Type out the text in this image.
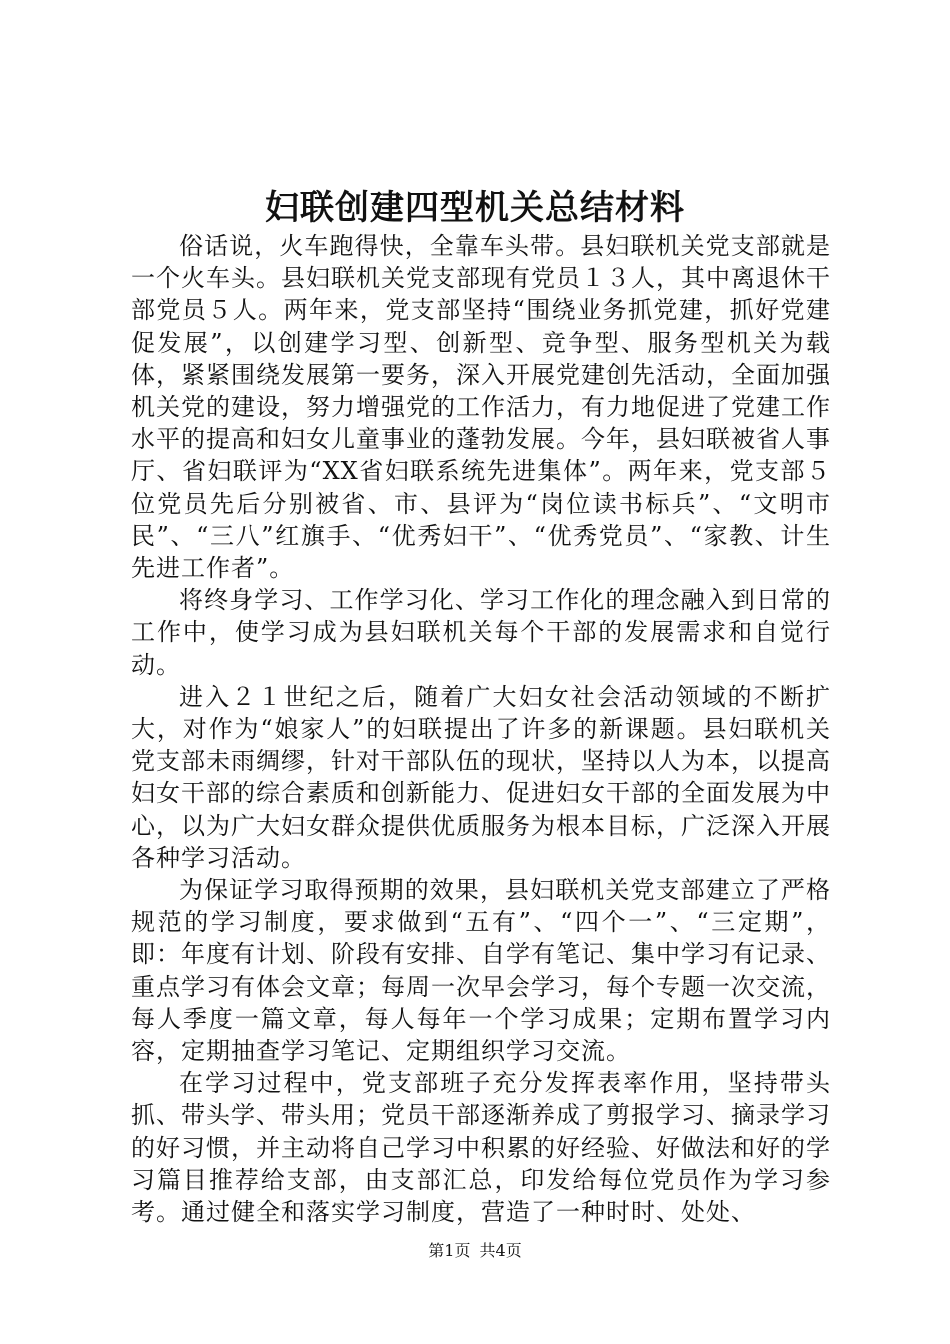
妇联创建四型机关总结材料

俗话说，火车跑得快，全靠车头带。县妇联机关党支部就是一个火车头。县妇联机关党支部现有党员１３人，其中离退休干部党员５人。两年来，党支部坚持“围绕业务抓党建，抓好党建促发展”，以创建学习型、创新型、竞争型、服务型机关为载体，紧紧围绕发展第一要务，深入开展党建创先活动，全面加强机关党的建设，努力增强党的工作活力，有力地促进了党建工作水平的提高和妇女儿童事业的蓬勃发展。今年，县妇联被省人事厅、省妇联评为“XX省妇联系统先进集体”。两年来，党支部５位党员先后分别被省、市、县评为“岗位读书标兵”、“文明市民”、“三八”红旗手、“优秀妇干”、“优秀党员”、“家教、计生先进工作者”。

将终身学习、工作学习化、学习工作化的理念融入到日常的工作中，使学习成为县妇联机关每个干部的发展需求和自觉行动。

进入２１世纪之后，随着广大妇女社会活动领域的不断扩大，对作为“娘家人”的妇联提出了许多的新课题。县妇联机关党支部未雨绸缪，针对干部队伍的现状，坚持以人为本，以提高妇女干部的综合素质和创新能力、促进妇女干部的全面发展为中心，以为广大妇女群众提供优质服务为根本目标，广泛深入开展各种学习活动。

为保证学习取得预期的效果，县妇联机关党支部建立了严格规范的学习制度，要求做到“五有”、“四个一”、“三定期”，即：年度有计划、阶段有安排、自学有笔记、集中学习有记录、重点学习有体会文章；每周一次早会学习，每个专题一次交流，每人季度一篇文章，每人每年一个学习成果；定期布置学习内容，定期抽查学习笔记、定期组织学习交流。

在学习过程中，党支部班子充分发挥表率作用，坚持带头抓、带头学、带头用；党员干部逐渐养成了剪报学习、摘录学习的好习惯，并主动将自己学习中积累的好经验、好做法和好的学习篇目推荐给支部，由支部汇总，印发给每位党员作为学习参考。通过健全和落实学习制度，营造了一种时时、处处、

第1页 共4页
